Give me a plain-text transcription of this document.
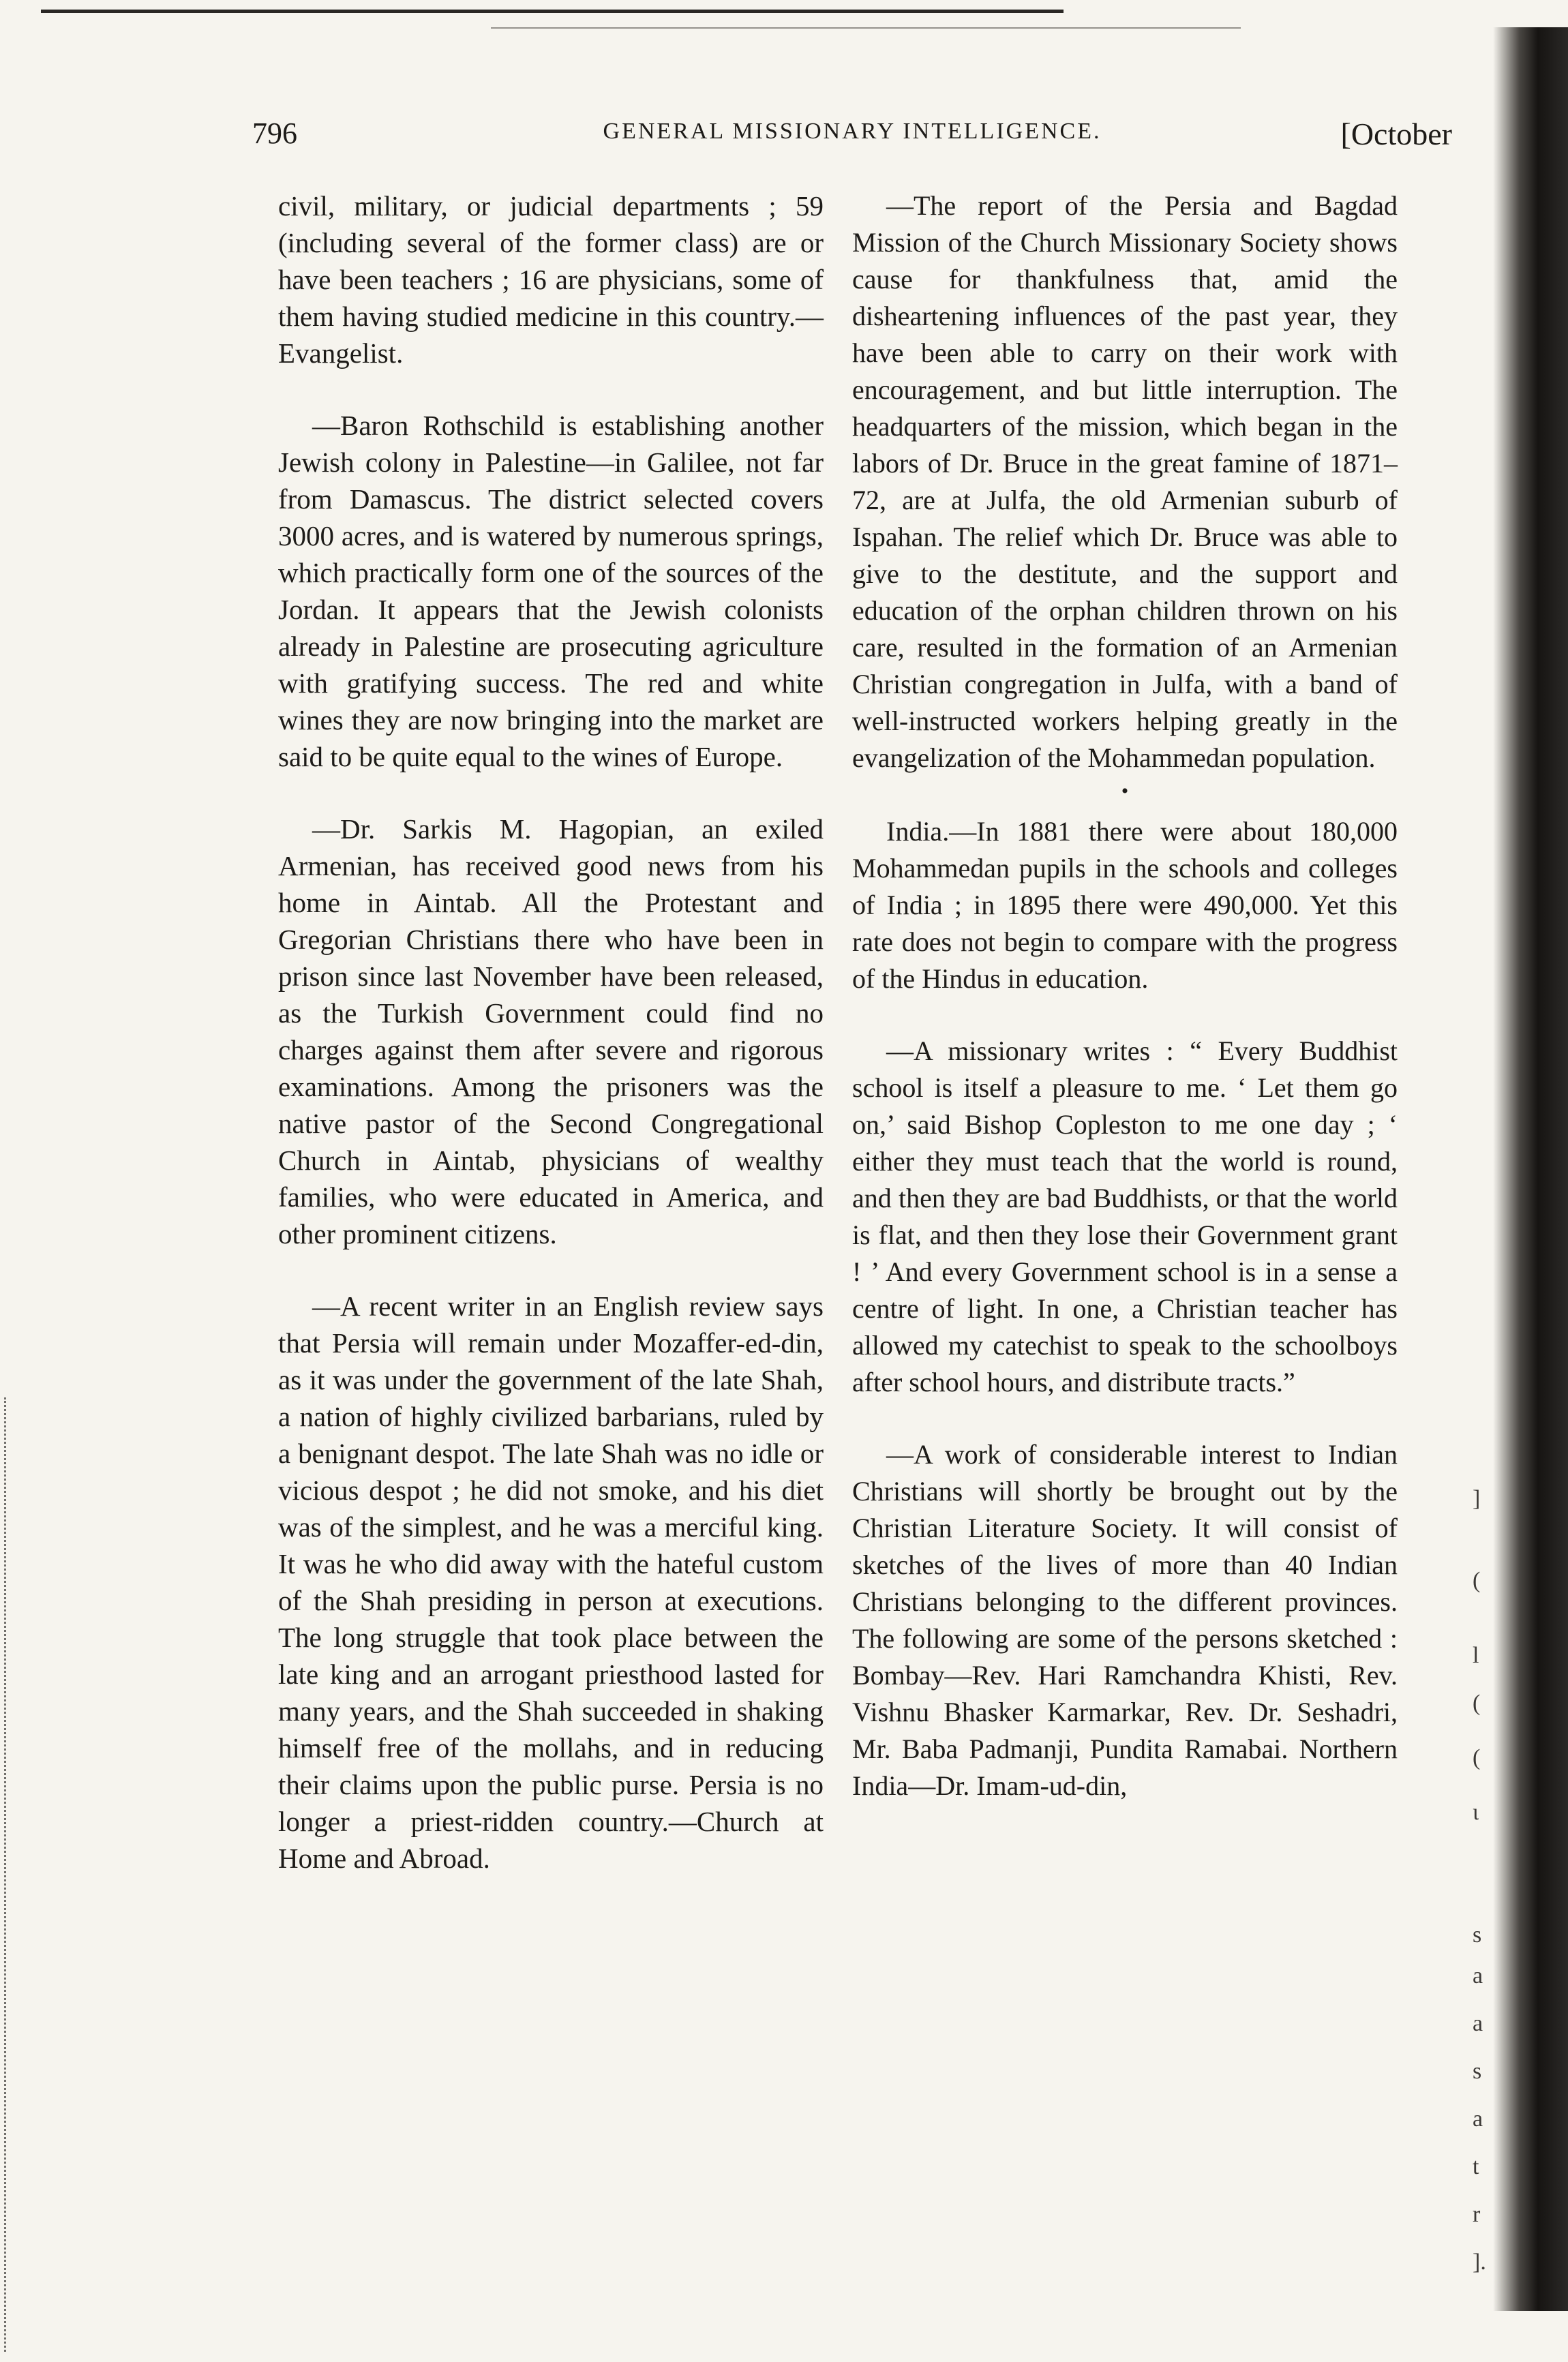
796	GENERAL MISSIONARY INTELLIGENCE.	[October

civil, military, or judicial departments ; 59 (including several of the former class) are or have been teachers ; 16 are physicians, some of them having studied medicine in this country.—Evangelist.

—Baron Rothschild is establishing another Jewish colony in Palestine—in Galilee, not far from Damascus. The district selected covers 3000 acres, and is watered by numerous springs, which practically form one of the sources of the Jordan. It appears that the Jewish colonists already in Palestine are prosecuting agriculture with gratifying success. The red and white wines they are now bringing into the market are said to be quite equal to the wines of Europe.

—Dr. Sarkis M. Hagopian, an exiled Armenian, has received good news from his home in Aintab. All the Protestant and Gregorian Christians there who have been in prison since last November have been released, as the Turkish Government could find no charges against them after severe and rigorous examinations. Among the prisoners was the native pastor of the Second Congregational Church in Aintab, physicians of wealthy families, who were educated in America, and other prominent citizens.

—A recent writer in an English review says that Persia will remain under Mozaffer-ed-din, as it was under the government of the late Shah, a nation of highly civilized barbarians, ruled by a benignant despot. The late Shah was no idle or vicious despot ; he did not smoke, and his diet was of the simplest, and he was a merciful king. It was he who did away with the hateful custom of the Shah presiding in person at executions. The long struggle that took place between the late king and an arrogant priesthood lasted for many years, and the Shah succeeded in shaking himself free of the mollahs, and in reducing their claims upon the public purse. Persia is no longer a priest-ridden country.—Church at Home and Abroad.

—The report of the Persia and Bagdad Mission of the Church Missionary Society shows cause for thankfulness that, amid the disheartening influences of the past year, they have been able to carry on their work with encouragement, and but little interruption. The headquarters of the mission, which began in the labors of Dr. Bruce in the great famine of 1871–72, are at Julfa, the old Armenian suburb of Ispahan. The relief which Dr. Bruce was able to give to the destitute, and the support and education of the orphan children thrown on his care, resulted in the formation of an Armenian Christian congregation in Julfa, with a band of well-instructed workers helping greatly in the evangelization of the Mohammedan population.

•

India.—In 1881 there were about 180,000 Mohammedan pupils in the schools and colleges of India ; in 1895 there were 490,000. Yet this rate does not begin to compare with the progress of the Hindus in education.

—A missionary writes : “ Every Buddhist school is itself a pleasure to me. ‘ Let them go on,’ said Bishop Copleston to me one day ; ‘ either they must teach that the world is round, and then they are bad Buddhists, or that the world is flat, and then they lose their Government grant ! ’ And every Government school is in a sense a centre of light. In one, a Christian teacher has allowed my catechist to speak to the schoolboys after school hours, and distribute tracts.”

—A work of considerable interest to Indian Christians will shortly be brought out by the Christian Literature Society. It will consist of sketches of the lives of more than 40 Indian Christians belonging to the different provinces. The following are some of the persons sketched : Bombay—Rev. Hari Ramchandra Khisti, Rev. Vishnu Bhasker Karmarkar, Rev. Dr. Seshadri, Mr. Baba Padmanji, Pundita Ramabai. Northern India—Dr. Imam-ud-din,

]
(
l
(
(
ι
s
a
a
s
a
t
r
].
